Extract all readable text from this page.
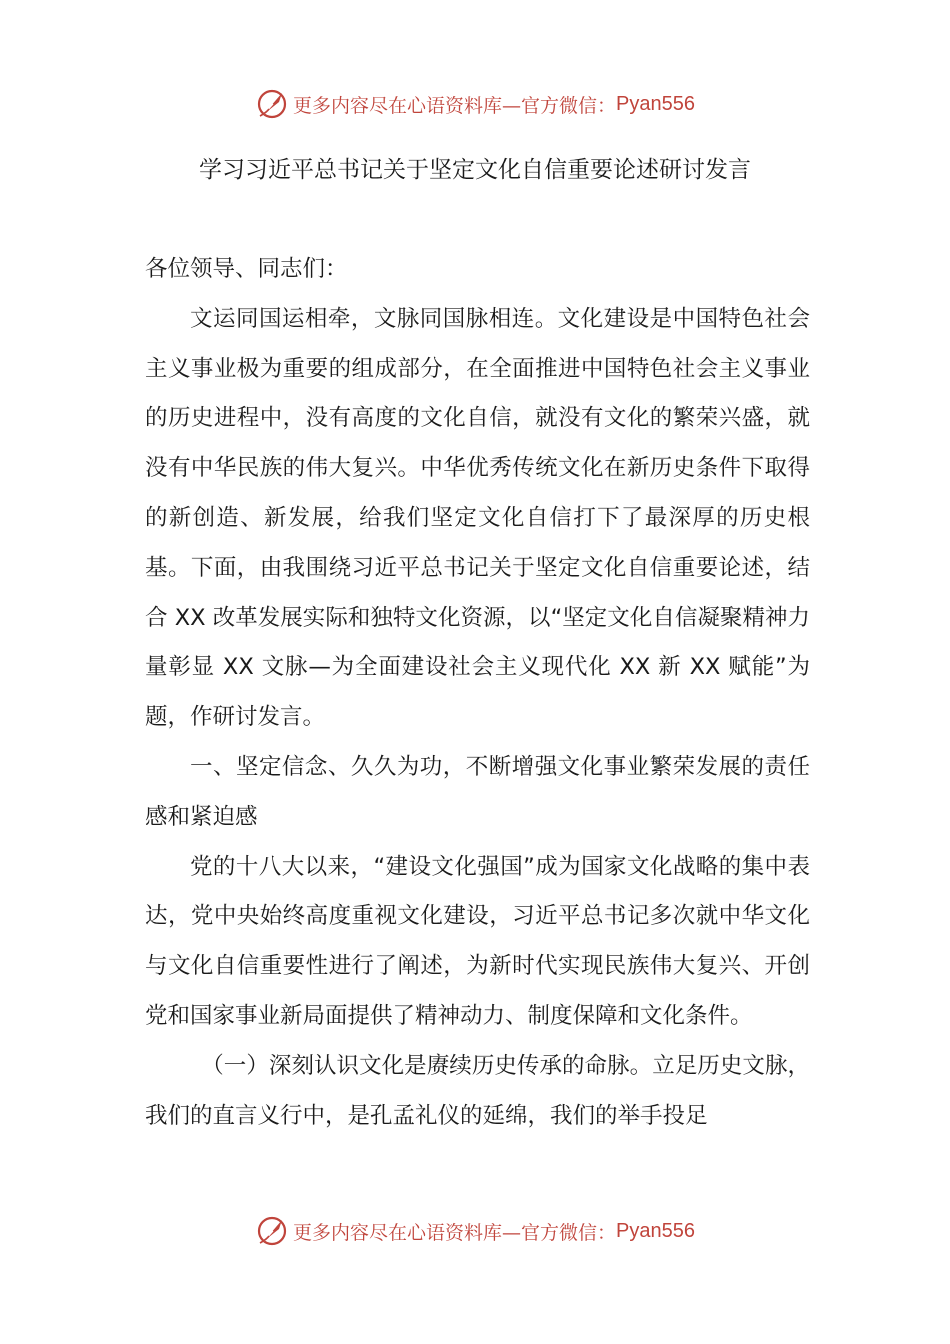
更多内容尽在心语资料库—官方微信： Pyan556
学习习近平总书记关于坚定文化自信重要论述研讨发言

各位领导、同志们：

文运同国运相牵，文脉同国脉相连。文化建设是中国特色社会主义事业极为重要的组成部分，在全面推进中国特色社会主义事业的历史进程中，没有高度的文化自信，就没有文化的繁荣兴盛，就没有中华民族的伟大复兴。中华优秀传统文化在新历史条件下取得的新创造、新发展，给我们坚定文化自信打下了最深厚的历史根基。下面，由我围绕习近平总书记关于坚定文化自信重要论述，结合 XX 改革发展实际和独特文化资源，以“坚定文化自信凝聚精神力量彰显 XX 文脉—为全面建设社会主义现代化 XX 新 XX 赋能”为题，作研讨发言。

一、坚定信念、久久为功，不断增强文化事业繁荣发展的责任感和紧迫感

党的十八大以来，“建设文化强国”成为国家文化战略的集中表达，党中央始终高度重视文化建设，习近平总书记多次就中华文化与文化自信重要性进行了阐述，为新时代实现民族伟大复兴、开创党和国家事业新局面提供了精神动力、制度保障和文化条件。

（一）深刻认识文化是赓续历史传承的命脉。立足历史文脉，我们的直言义行中，是孔孟礼仪的延绵，我们的举手投足

更多内容尽在心语资料库—官方微信： Pyan556
